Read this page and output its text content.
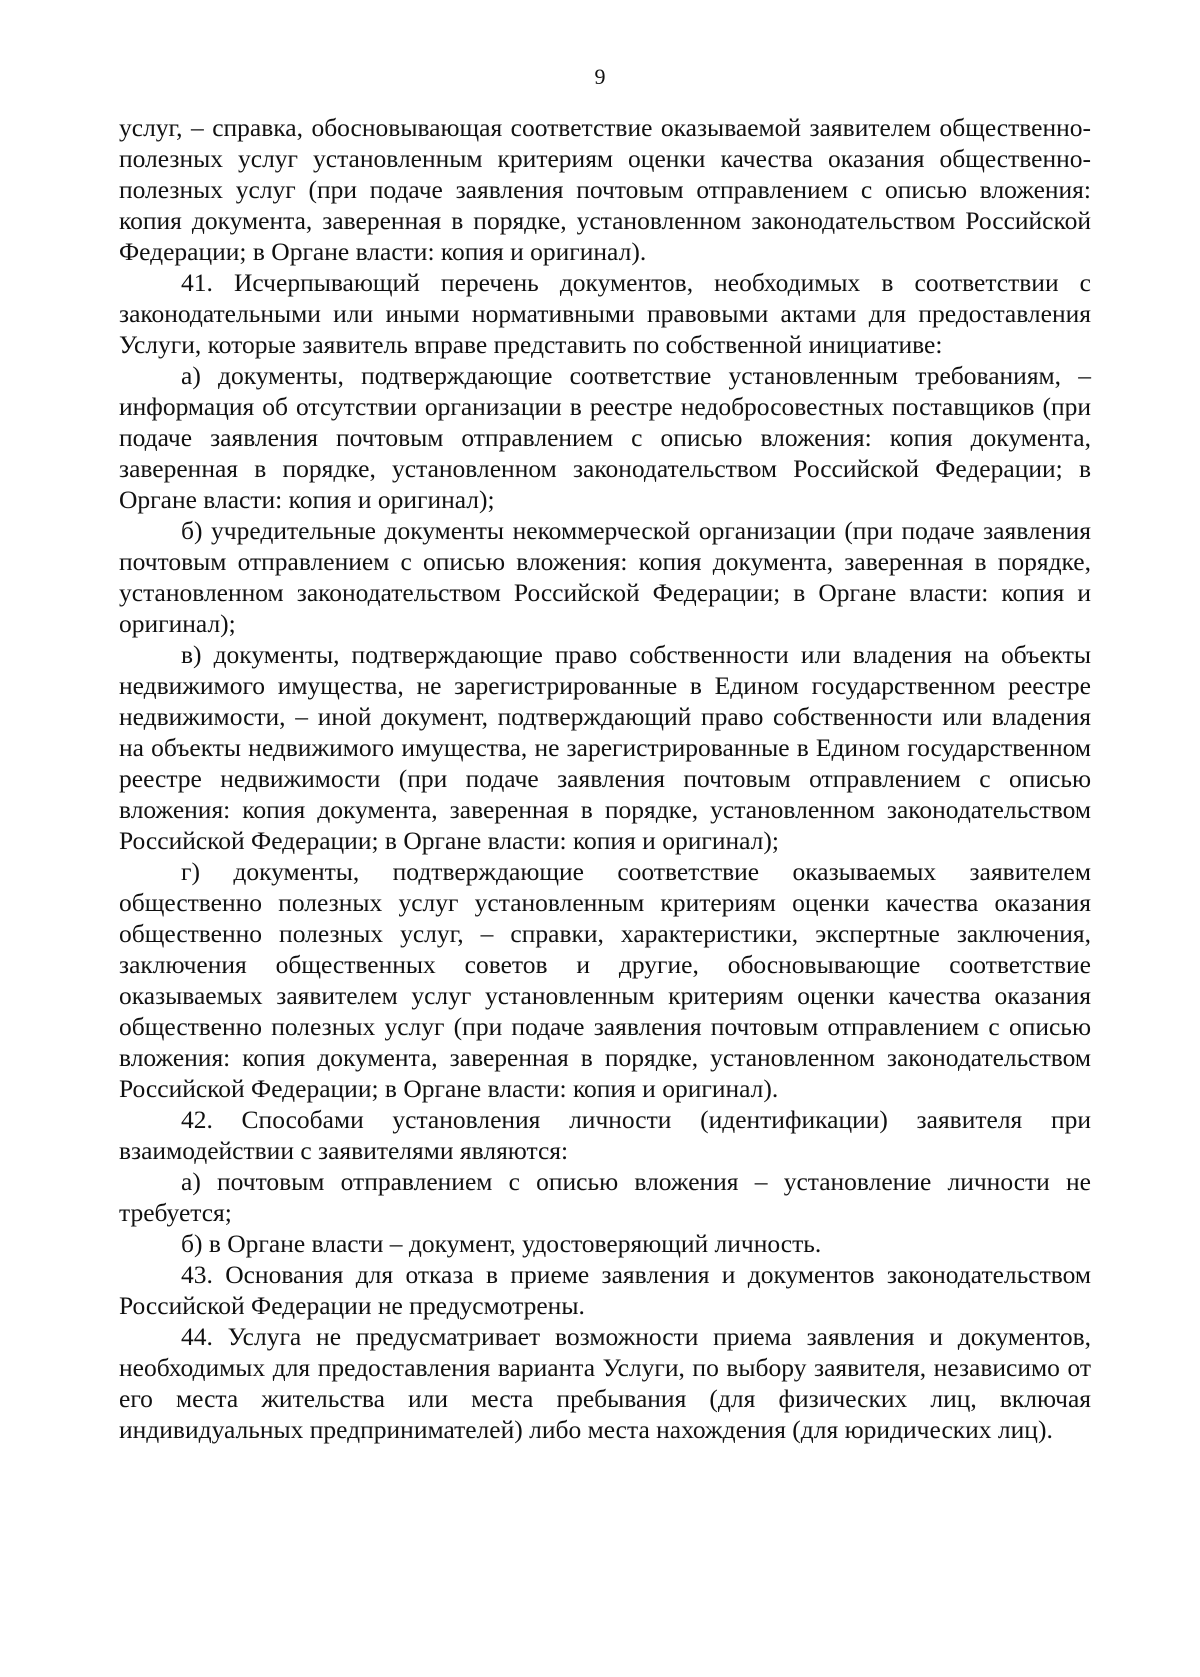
9

услуг, – справка, обосновывающая соответствие оказываемой заявителем общественно-полезных услуг установленным критериям оценки качества оказания общественно-полезных услуг (при подаче заявления почтовым отправлением с описью вложения: копия документа, заверенная в порядке, установленном законодательством Российской Федерации; в Органе власти: копия и оригинал).

41. Исчерпывающий перечень документов, необходимых в соответствии с законодательными или иными нормативными правовыми актами для предоставления Услуги, которые заявитель вправе представить по собственной инициативе:

а) документы, подтверждающие соответствие установленным требованиям, – информация об отсутствии организации в реестре недобросовестных поставщиков (при подаче заявления почтовым отправлением с описью вложения: копия документа, заверенная в порядке, установленном законодательством Российской Федерации; в Органе власти: копия и оригинал);

б) учредительные документы некоммерческой организации (при подаче заявления почтовым отправлением с описью вложения: копия документа, заверенная в порядке, установленном законодательством Российской Федерации; в Органе власти: копия и оригинал);

в) документы, подтверждающие право собственности или владения на объекты недвижимого имущества, не зарегистрированные в Едином государственном реестре недвижимости, – иной документ, подтверждающий право собственности или владения на объекты недвижимого имущества, не зарегистрированные в Едином государственном реестре недвижимости (при подаче заявления почтовым отправлением с описью вложения: копия документа, заверенная в порядке, установленном законодательством Российской Федерации; в Органе власти: копия и оригинал);

г) документы, подтверждающие соответствие оказываемых заявителем общественно полезных услуг установленным критериям оценки качества оказания общественно полезных услуг, – справки, характеристики, экспертные заключения, заключения общественных советов и другие, обосновывающие соответствие оказываемых заявителем услуг установленным критериям оценки качества оказания общественно полезных услуг (при подаче заявления почтовым отправлением с описью вложения: копия документа, заверенная в порядке, установленном законодательством Российской Федерации; в Органе власти: копия и оригинал).

42. Способами установления личности (идентификации) заявителя при взаимодействии с заявителями являются:

а) почтовым отправлением с описью вложения – установление личности не требуется;

б) в Органе власти – документ, удостоверяющий личность.

43. Основания для отказа в приеме заявления и документов законодательством Российской Федерации не предусмотрены.

44. Услуга не предусматривает возможности приема заявления и документов, необходимых для предоставления варианта Услуги, по выбору заявителя, независимо от его места жительства или места пребывания (для физических лиц, включая индивидуальных предпринимателей) либо места нахождения (для юридических лиц).
